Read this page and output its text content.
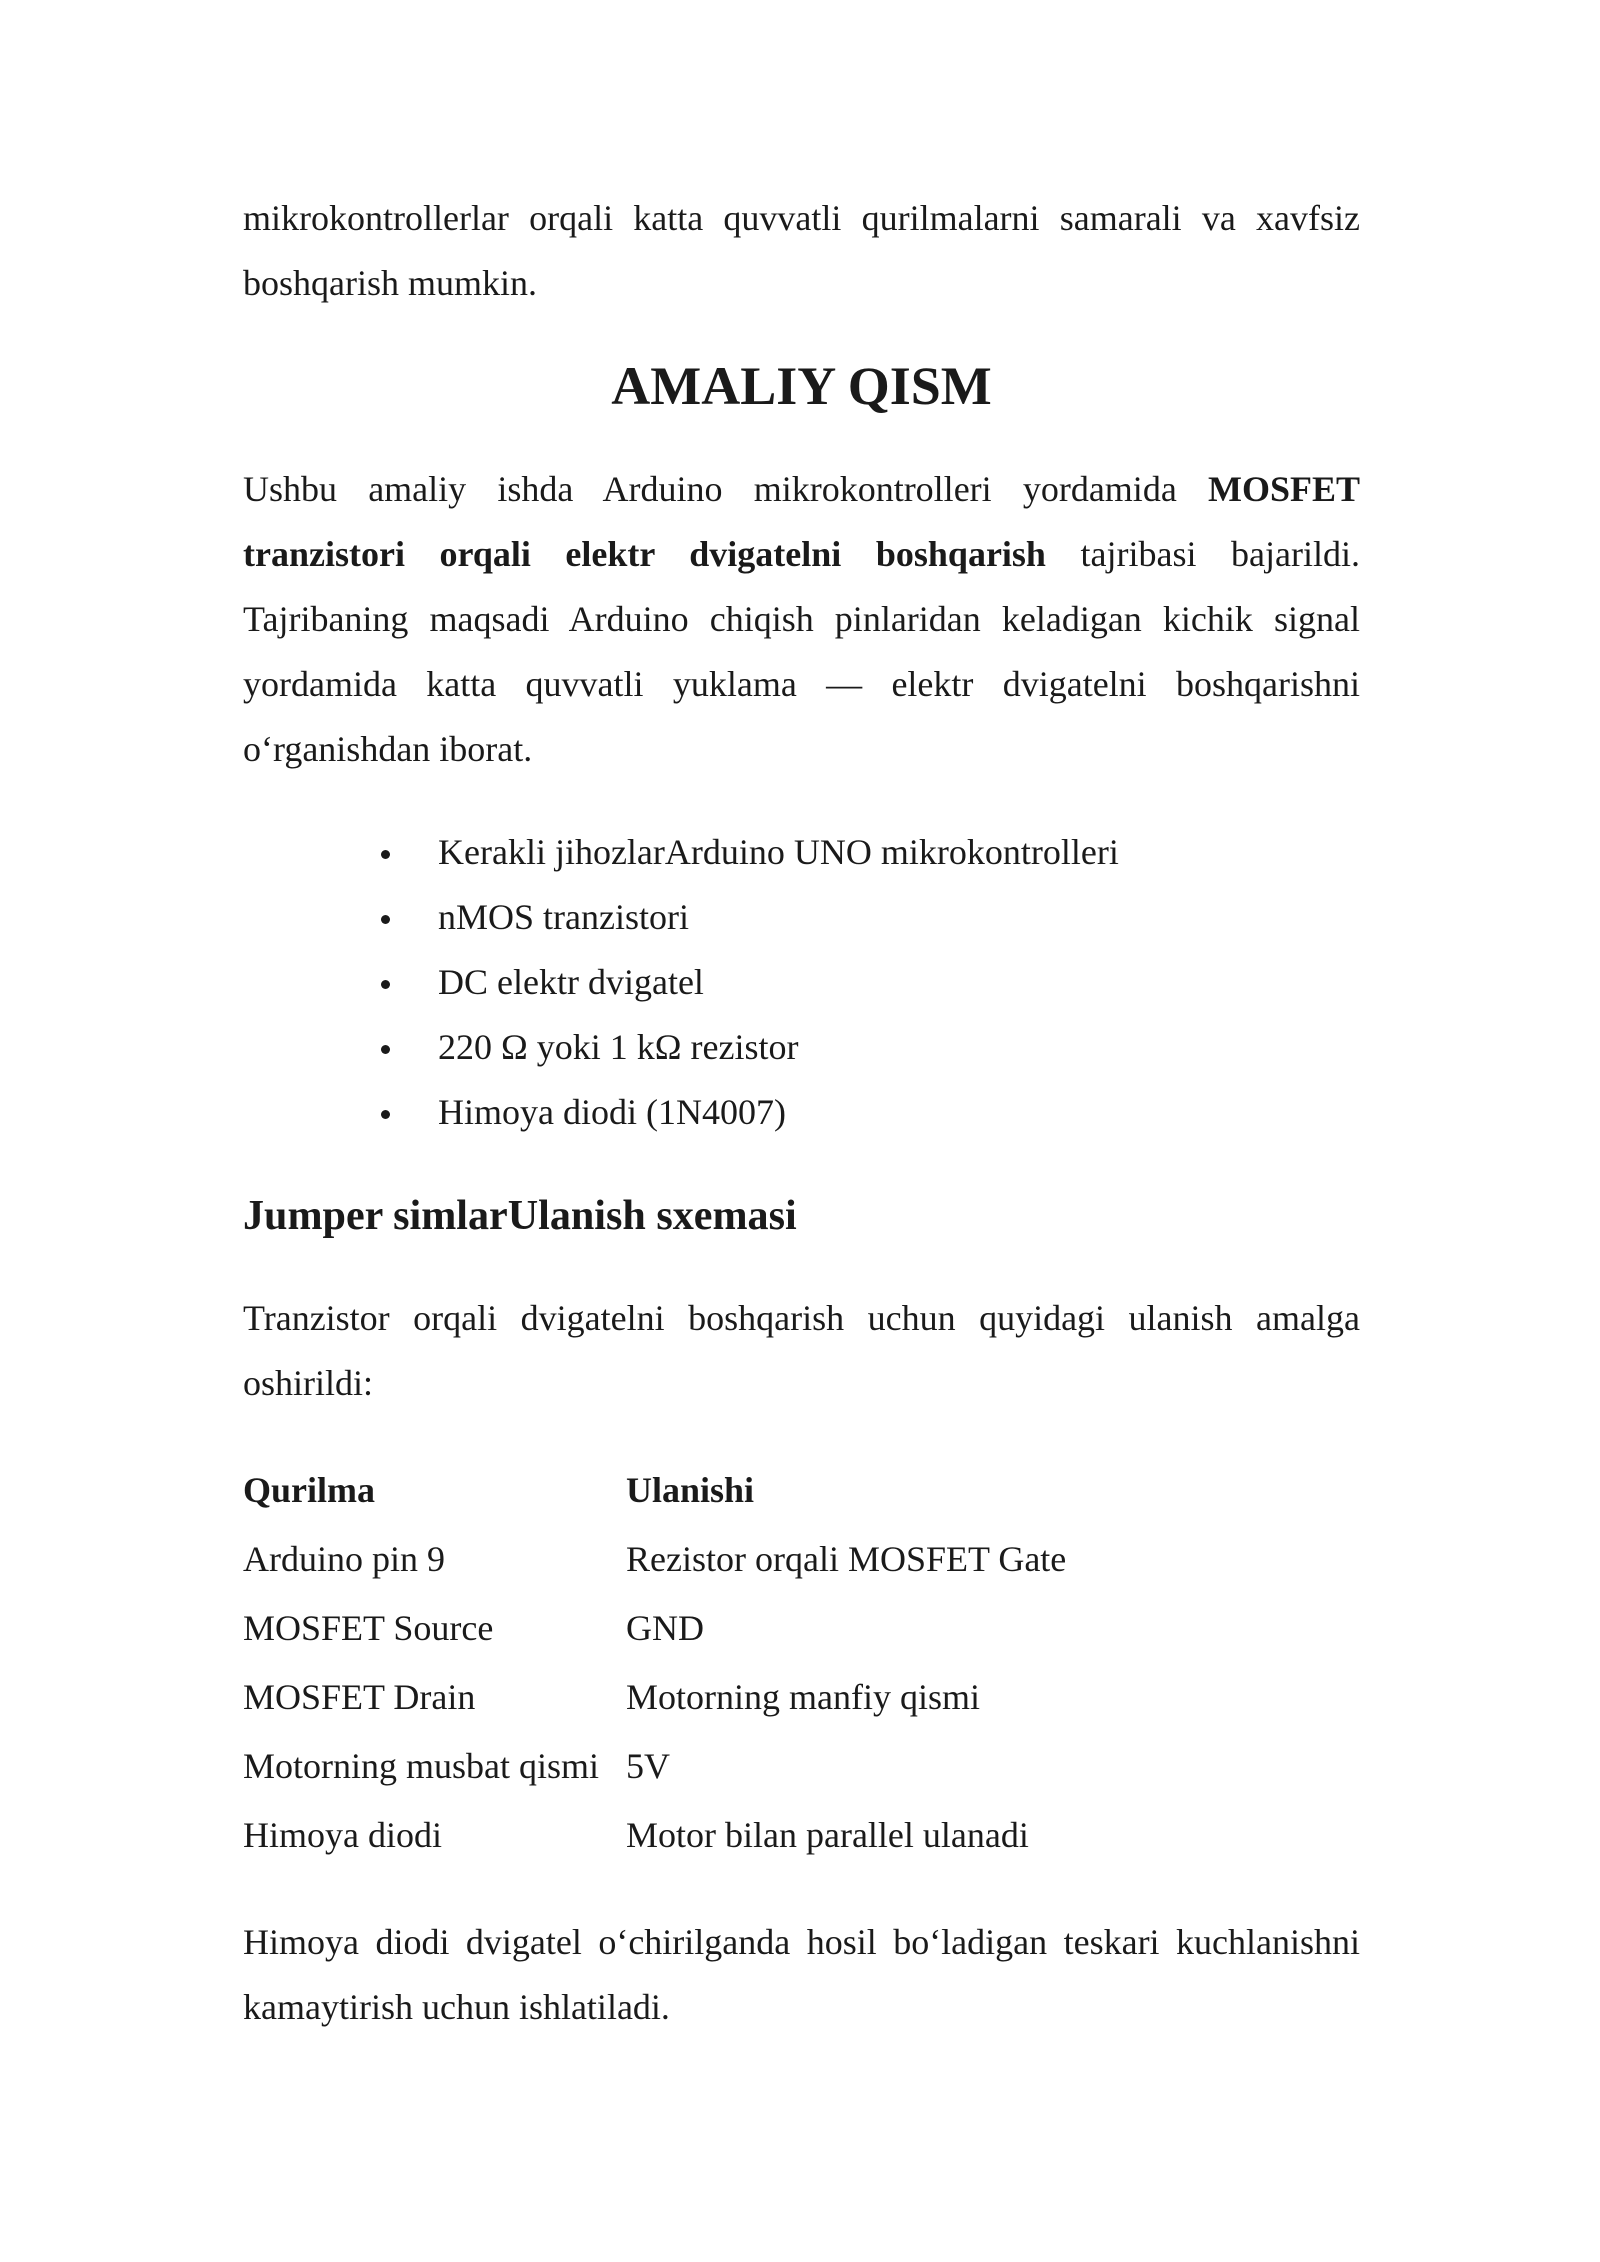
mikrokontrollerlar orqali katta quvvatli qurilmalarni samarali va xavfsiz boshqarish mumkin.

AMALIY QISM

Ushbu amaliy ishda Arduino mikrokontrolleri yordamida MOSFET tranzistori orqali elektr dvigatelni boshqarish tajribasi bajarildi. Tajribaning maqsadi Arduino chiqish pinlaridan keladigan kichik signal yordamida katta quvvatli yuklama — elektr dvigatelni boshqarishni o‘rganishdan iborat.

Kerakli jihozlarArduino UNO mikrokontrolleri
nMOS tranzistori
DC elektr dvigatel
220 Ω yoki 1 kΩ rezistor
Himoya diodi (1N4007)
Jumper simlarUlanish sxemasi

Tranzistor orqali dvigatelni boshqarish uchun quyidagi ulanish amalga oshirildi:

Qurilma	Ulanishi
Arduino pin 9	Rezistor orqali MOSFET Gate
MOSFET Source	GND
MOSFET Drain	Motorning manfiy qismi
Motorning musbat qismi	5V
Himoya diodi	Motor bilan parallel ulanadi

Himoya diodi dvigatel o‘chirilganda hosil bo‘ladigan teskari kuchlanishni kamaytirish uchun ishlatiladi.
